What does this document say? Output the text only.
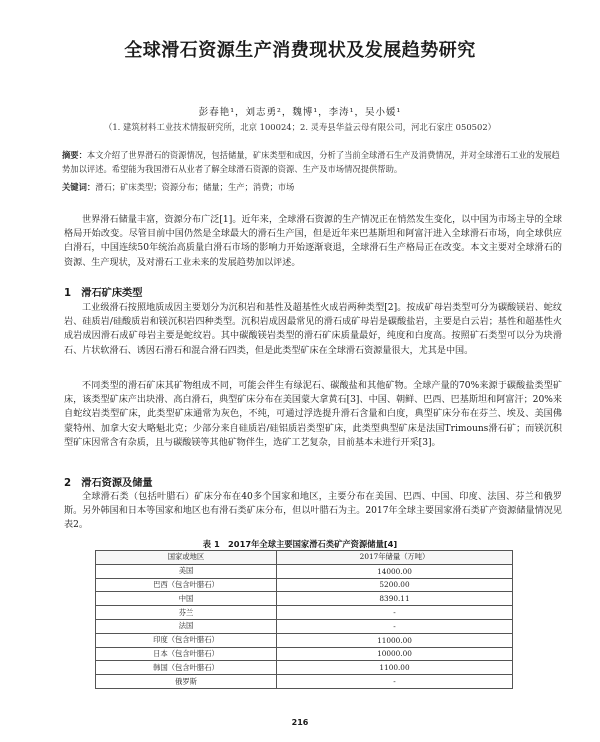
全球滑石资源生产消费现状及发展趋势研究
彭春艳¹，刘志勇²，魏博¹，李涛¹，吴小媛¹
（1. 建筑材料工业技术情报研究所，北京 100024；2. 灵寿县华益云母有限公司，河北石家庄 050502）
摘要：本文介绍了世界滑石的资源情况，包括储量，矿床类型和成因，分析了当前全球滑石生产及消费情况，并对全球滑石工业的发展趋势加以评述。希望能为我国滑石从业者了解全球滑石资源的资源、生产及市场情况提供帮助。
关键词：滑石；矿床类型；资源分布；储量；生产；消费；市场
世界滑石储量丰富，资源分布广泛[1]。近年来，全球滑石资源的生产情况正在悄然发生变化，以中国为市场主导的全球格局开始改变。尽管目前中国仍然是全球最大的滑石生产国，但是近年来巴基斯坦和阿富汗进入全球滑石市场，向全球供应白滑石，中国连续50年统治高质量白滑石市场的影响力开始逐渐衰退，全球滑石生产格局正在改变。本文主要对全球滑石的资源、生产现状，及对滑石工业未来的发展趋势加以评述。
1　滑石矿床类型
工业级滑石按照地质成因主要划分为沉积岩和基性及超基性火成岩两种类型[2]。按成矿母岩类型可分为碳酸镁岩、蛇纹岩、硅质岩/硅酸质岩和镁沉积岩四种类型。沉积岩成因最常见的滑石成矿母岩是碳酸盐岩，主要是白云岩；基性和超基性火成岩成因滑石成矿母岩主要是蛇纹岩。其中碳酸镁岩类型的滑石矿床质量最好，纯度和白度高。按照矿石类型可以分为块滑石、片状软滑石、诱因石滑石和混合滑石四类，但是此类型矿床在全球滑石资源量很大，尤其是中国。
不同类型的滑石矿床其矿物组成不同，可能会伴生有绿泥石、碳酸盐和其他矿物。全球产量的70%来源于碳酸盐类型矿床，该类型矿床产出块滑、高白滑石，典型矿床分布在美国蒙大拿黄石[3]、中国、朝鲜、巴西、巴基斯坦和阿富汗；20%来自蛇纹岩类型矿床，此类型矿床通常为灰色，不纯，可通过浮选提升滑石含量和白度，典型矿床分布在芬兰、埃及、美国佛蒙特州、加拿大安大略魁北克；少部分来自硅质岩/硅铝质岩类型矿床，此类型典型矿床是法国Trimouns滑石矿；而镁沉积型矿床因常含有杂质，且与碳酸镁等其他矿物伴生，选矿工艺复杂，目前基本未进行开采[3]。
2　滑石资源及储量
全球滑石类（包括叶腊石）矿床分布在40多个国家和地区，主要分布在美国、巴西、中国、印度、法国、芬兰和俄罗斯。另外韩国和日本等国家和地区也有滑石类矿床分布，但以叶腊石为主。2017年全球主要国家滑石类矿产资源储量情况见表2。
表 1　2017年全球主要国家滑石类矿产资源储量[4]
国家或地区	2017年储量（万吨）
美国	14000.00
巴西（包含叶腊石）	5200.00
中国	8390.11
芬兰	-
法国	-
印度（包含叶腊石）	11000.00
日本（包含叶腊石）	10000.00
韩国（包含叶腊石）	1100.00
俄罗斯	-
216
